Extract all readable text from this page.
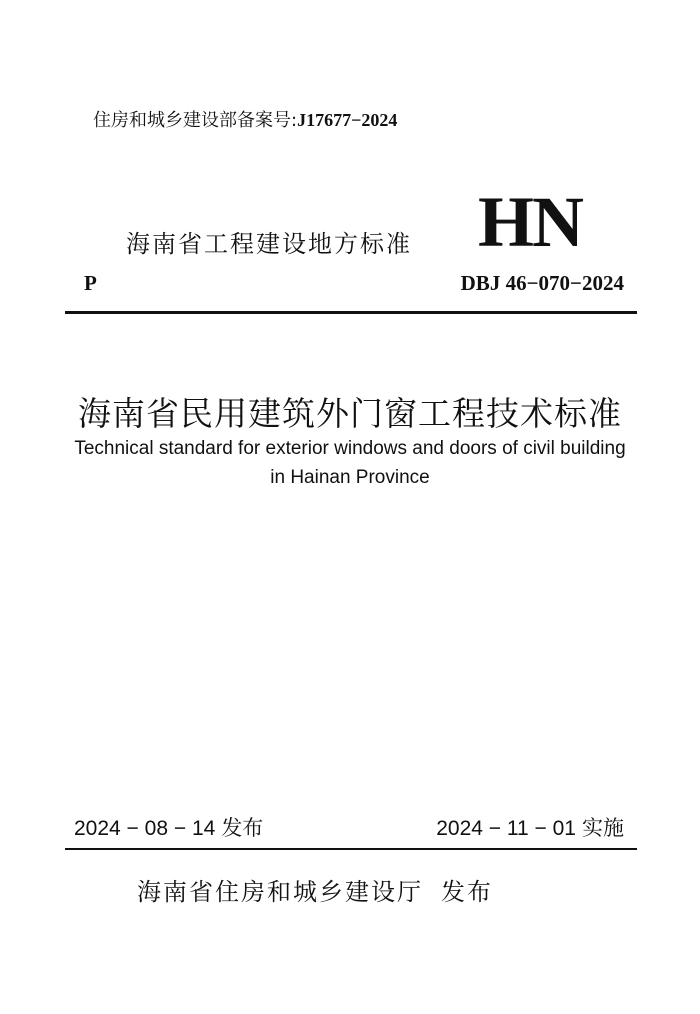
住房和城乡建设部备案号:J17677−2024
海南省工程建设地方标准 HN
P	DBJ 46−070−2024
海南省民用建筑外门窗工程技术标准
Technical standard for exterior windows and doors of civil building
in Hainan Province
2024 − 08 − 14 发布	2024 − 11 − 01 实施
海南省住房和城乡建设厅 发布
